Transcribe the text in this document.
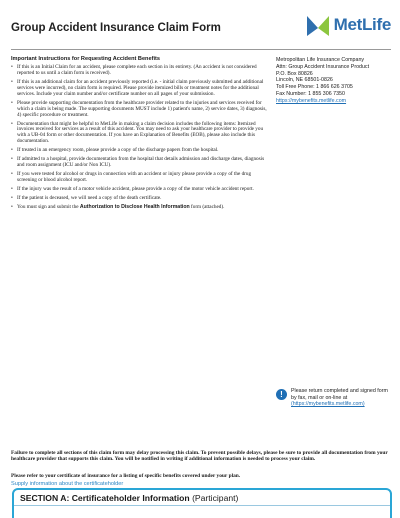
Group Accident Insurance Claim Form	MetLife
Important Instructions for Requesting Accident Benefits
• If this is an Initial Claim for an accident, please complete each section in its entirety. (An accident is not considered reported to us until a claim form is received).
• If this is an additional claim for an accident previously reported (i.e. - initial claim previously submitted and additional services were incurred), no claim form is required. Please provide itemized bills or treatment notes for the additional services. Include your claim number and/or certificate number on all pages of your submission.
• Please provide supporting documentation from the healthcare provider related to the injuries and services received for which a claim is being made. The supporting documents MUST include 1) patient's name, 2) service dates, 3) diagnosis, 4) specific procedure or treatment.
• Documentation that might be helpful to MetLife in making a claim decision includes the following items: Itemized invoices received for services as a result of this accident. You may need to ask your healthcare provider to provide you with a UB-04 form or other documentation. If you have an Explanation of Benefits (EOB), please also include this documentation.
• If treated in an emergency room, please provide a copy of the discharge papers from the hospital.
• If admitted to a hospital, provide documentation from the hospital that details admission and discharge dates, diagnosis and room assignment (ICU and/or Non ICU).
• If you were tested for alcohol or drugs in connection with an accident or injury please provide a copy of the drug screening or blood alcohol report.
• If the injury was the result of a motor vehicle accident, please provide a copy of the motor vehicle accident report.
• If the patient is deceased, we will need a copy of the death certificate.
• You must sign and submit the Authorization to Disclose Health Information form (attached).
Metropolitan Life Insurance Company
Attn: Group Accident Insurance Product
P.O. Box 80826
Lincoln, NE 68501-0826
Toll Free Phone: 1 866 626 3705
Fax Number: 1 855 306 7350
https://mybenefits.metlife.com
!	Please return completed and signed form by fax, mail or on-line at (https://mybenefits.metlife.com)
Failure to complete all sections of this claim form may delay processing this claim. To prevent possible delays, please be sure to provide all documentation from your healthcare provider that supports this claim. You will be notified in writing if additional information is needed to process your claim.
Please refer to your certificate of insurance for a listing of specific benefits covered under your plan.
Supply information about the certificateholder
SECTION A: Certificateholder Information (Participant)
